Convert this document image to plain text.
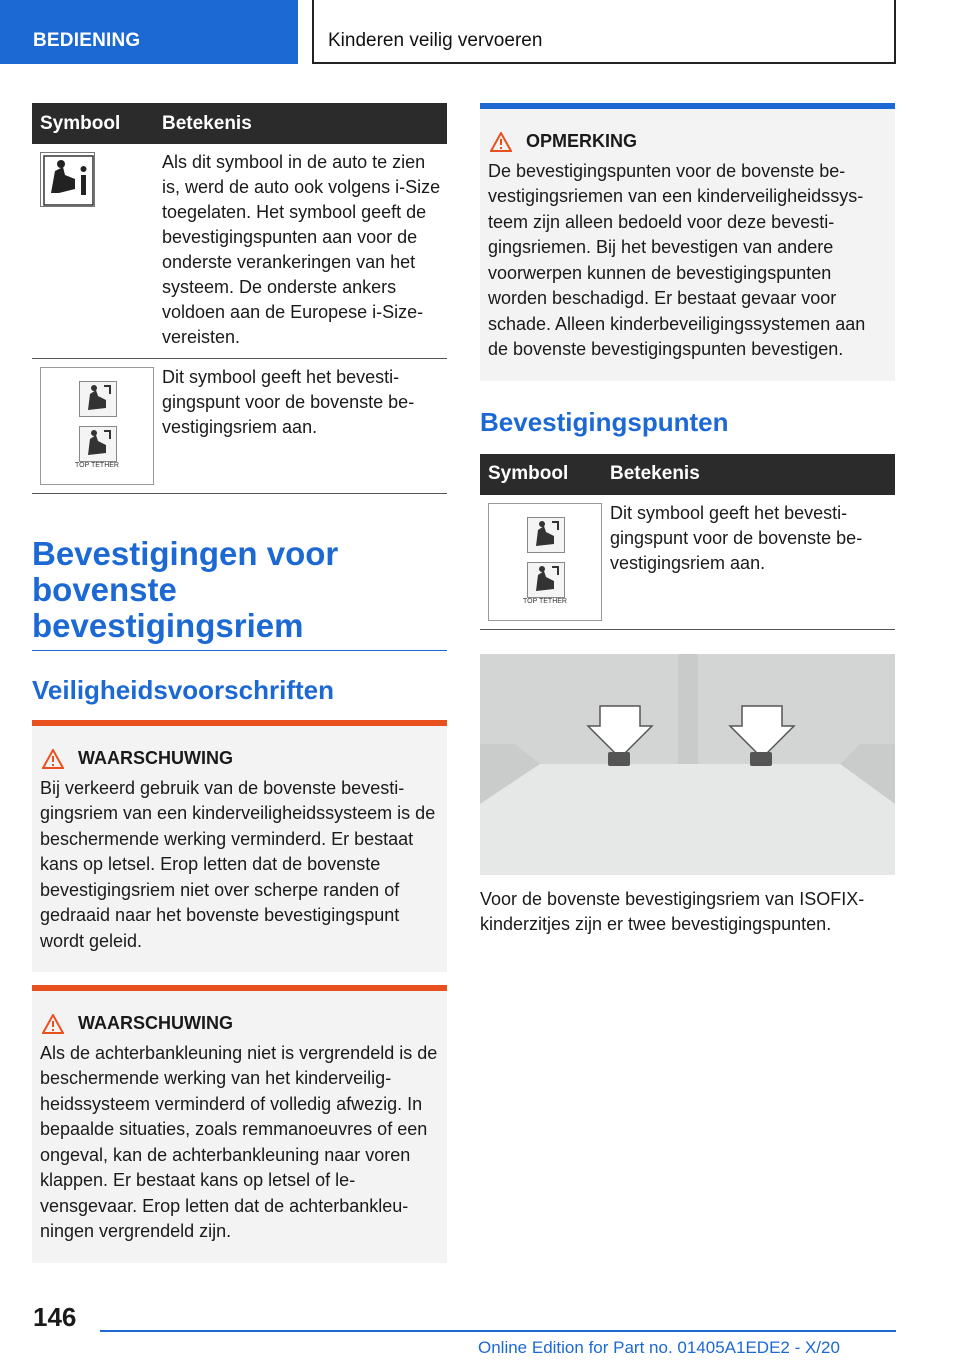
BEDIENING	Kinderen veilig vervoeren
Symbool	Betekenis

	Als dit symbool in de auto te zien is, werd de auto ook volgens i-Size toegelaten. Het symbool geeft de bevestigingspunten aan voor de onderste verankeringen van het systeem. De onderste ankers voldoen aan de Europese i-Size-vereisten.

TOP TETHER	Dit symbool geeft het bevestigingspunt voor de bovenste bevestigingsriem aan.
Bevestigingen voor bovenste bevestigingsriem
Veiligheidsvoorschriften
WAARSCHUWING
Bij verkeerd gebruik van de bovenste bevestigingsriem van een kinderveiligheidssysteem is de beschermende werking verminderd. Er bestaat kans op letsel. Erop letten dat de bovenste bevestigingsriem niet over scherpe randen of gedraaid naar het bovenste bevestigingspunt wordt geleid.
WAARSCHUWING
Als de achterbankleuning niet is vergrendeld is de beschermende werking van het kinderveiligheidssysteem verminderd of volledig afwezig. In bepaalde situaties, zoals remmanoeuvres of een ongeval, kan de achterbankleuning naar voren klappen. Er bestaat kans op letsel of levensgevaar. Erop letten dat de achterbankleuningen vergrendeld zijn.
OPMERKING
De bevestigingspunten voor de bovenste bevestigingsriemen van een kinderveiligheidssysteem zijn alleen bedoeld voor deze bevestigingsriemen. Bij het bevestigen van andere voorwerpen kunnen de bevestigingspunten worden beschadigd. Er bestaat gevaar voor schade. Alleen kinderbeveiligingssystemen aan de bovenste bevestigingspunten bevestigen.
Bevestigingspunten
Symbool	Betekenis

TOP TETHER	Dit symbool geeft het bevestigingspunt voor de bovenste bevestigingsriem aan.

Voor de bovenste bevestigingsriem van ISOFIX-kinderzitjes zijn er twee bevestigingspunten.

146
Online Edition for Part no. 01405A1EDE2 - X/20
